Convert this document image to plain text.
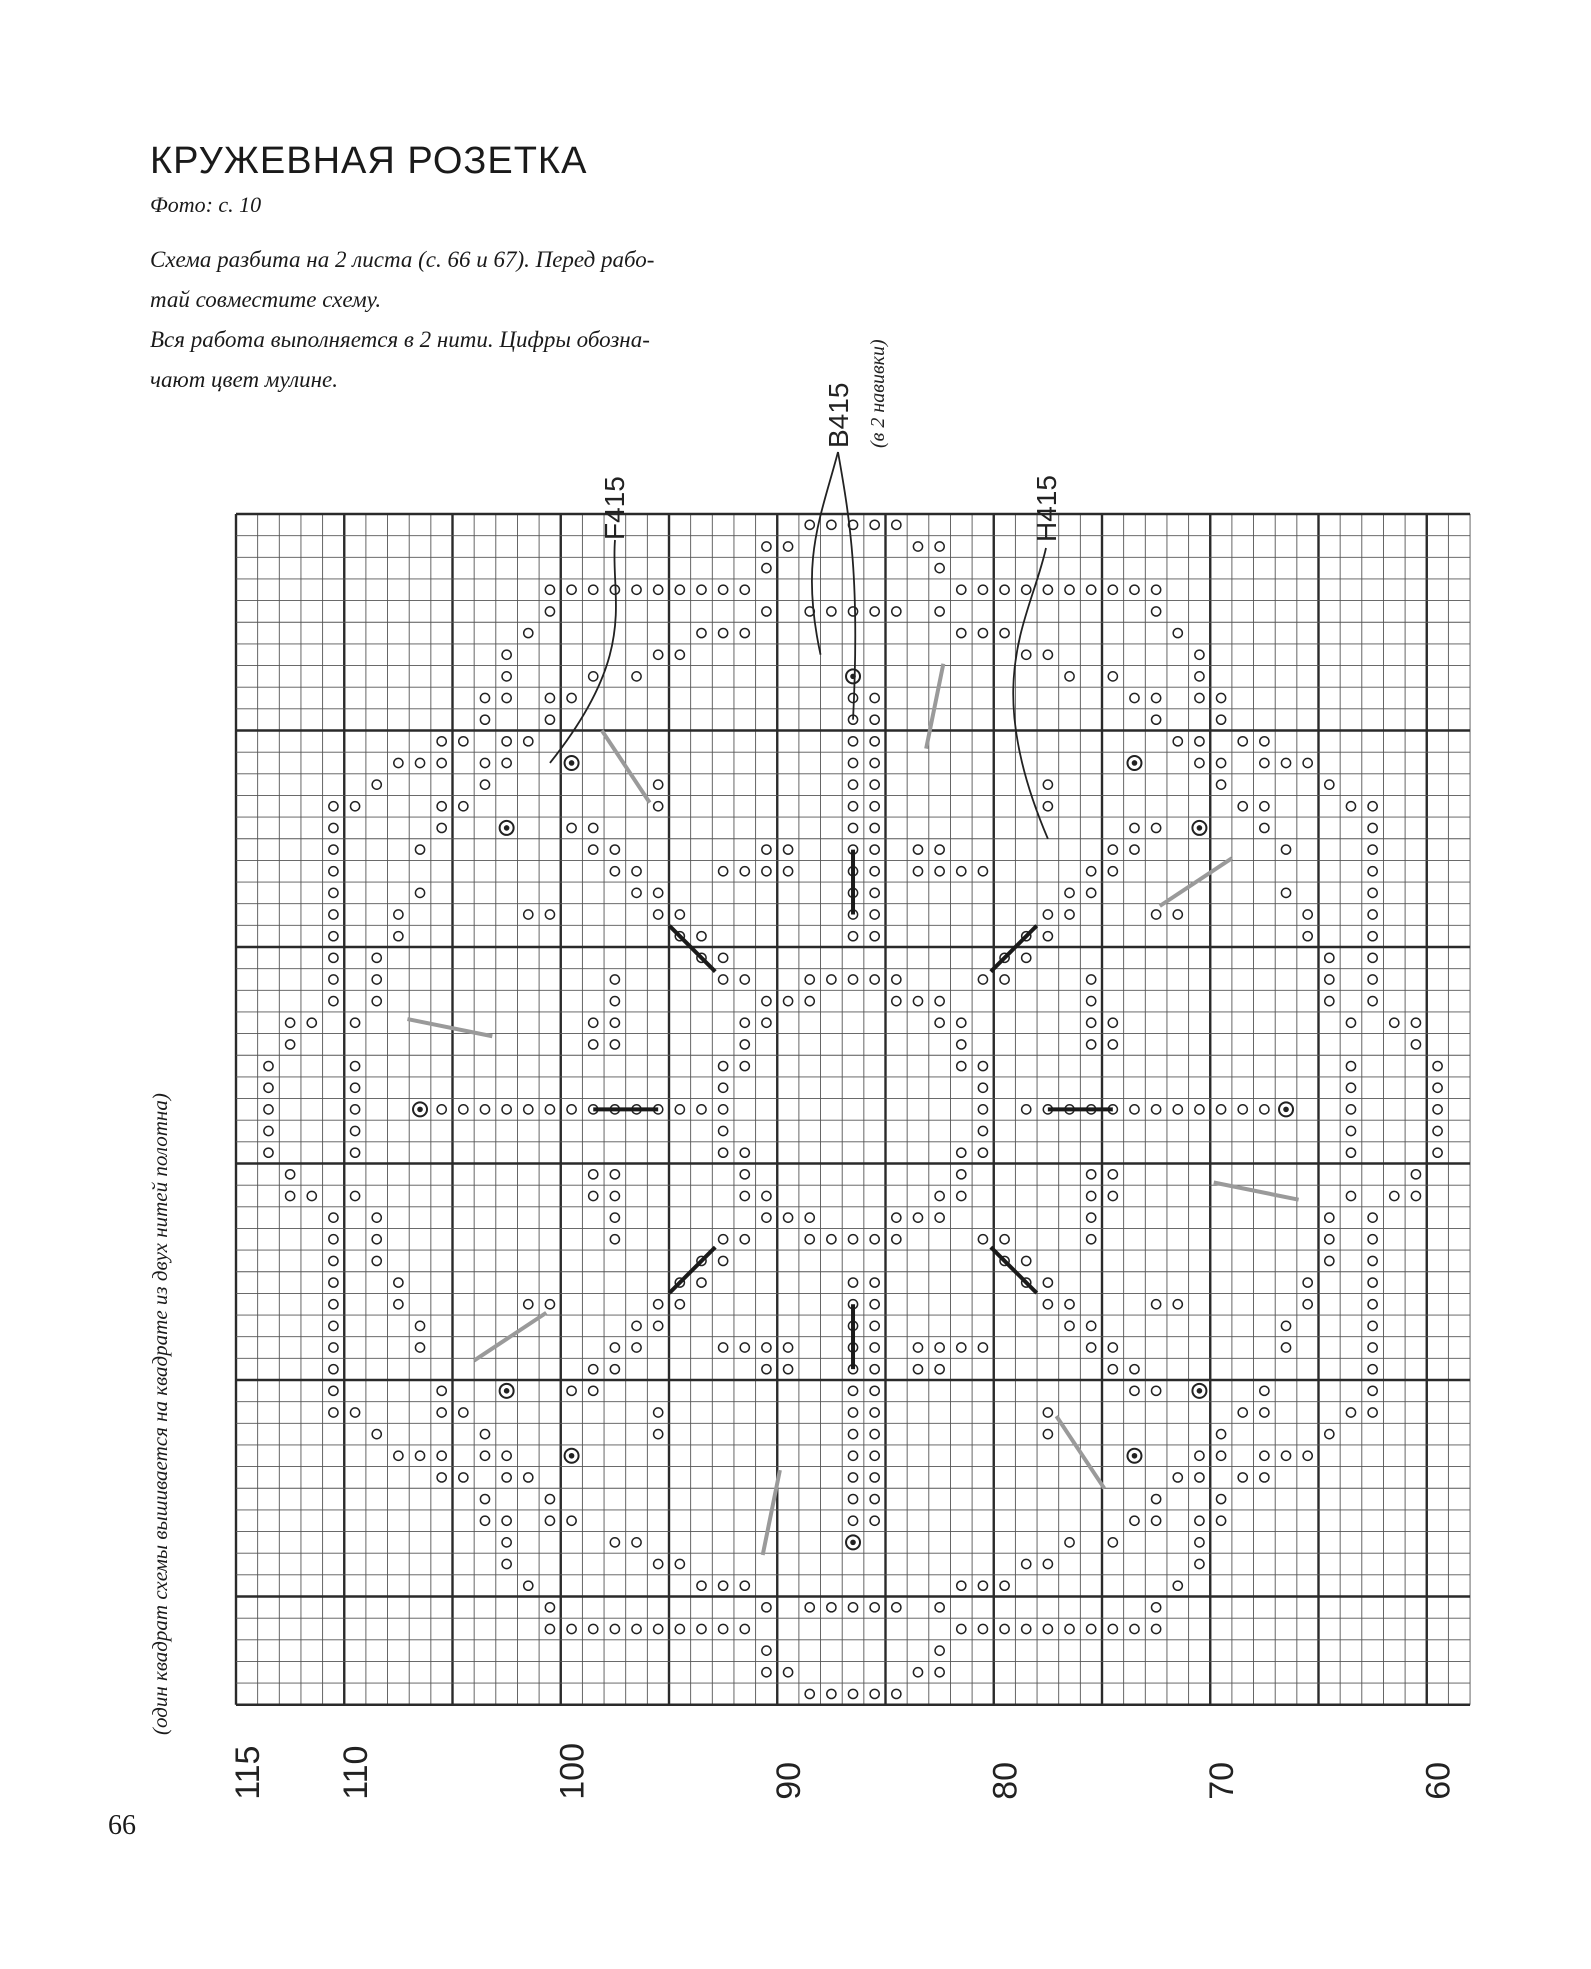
КРУЖЕВНАЯ РОЗЕТКА
Фото: с. 10

Схема разбита на 2 листа (с. 66 и 67). Перед рабо-

тай совместите схему.

Вся работа выполняется в 2 нити. Цифры обозна-

чают цвет мулине.

(один квадрат схемы вышивается на квадрате из двух нитей полотна)
66
115 110	100	90	80	70	60
F415
B415 (в 2 навивки)
H415
